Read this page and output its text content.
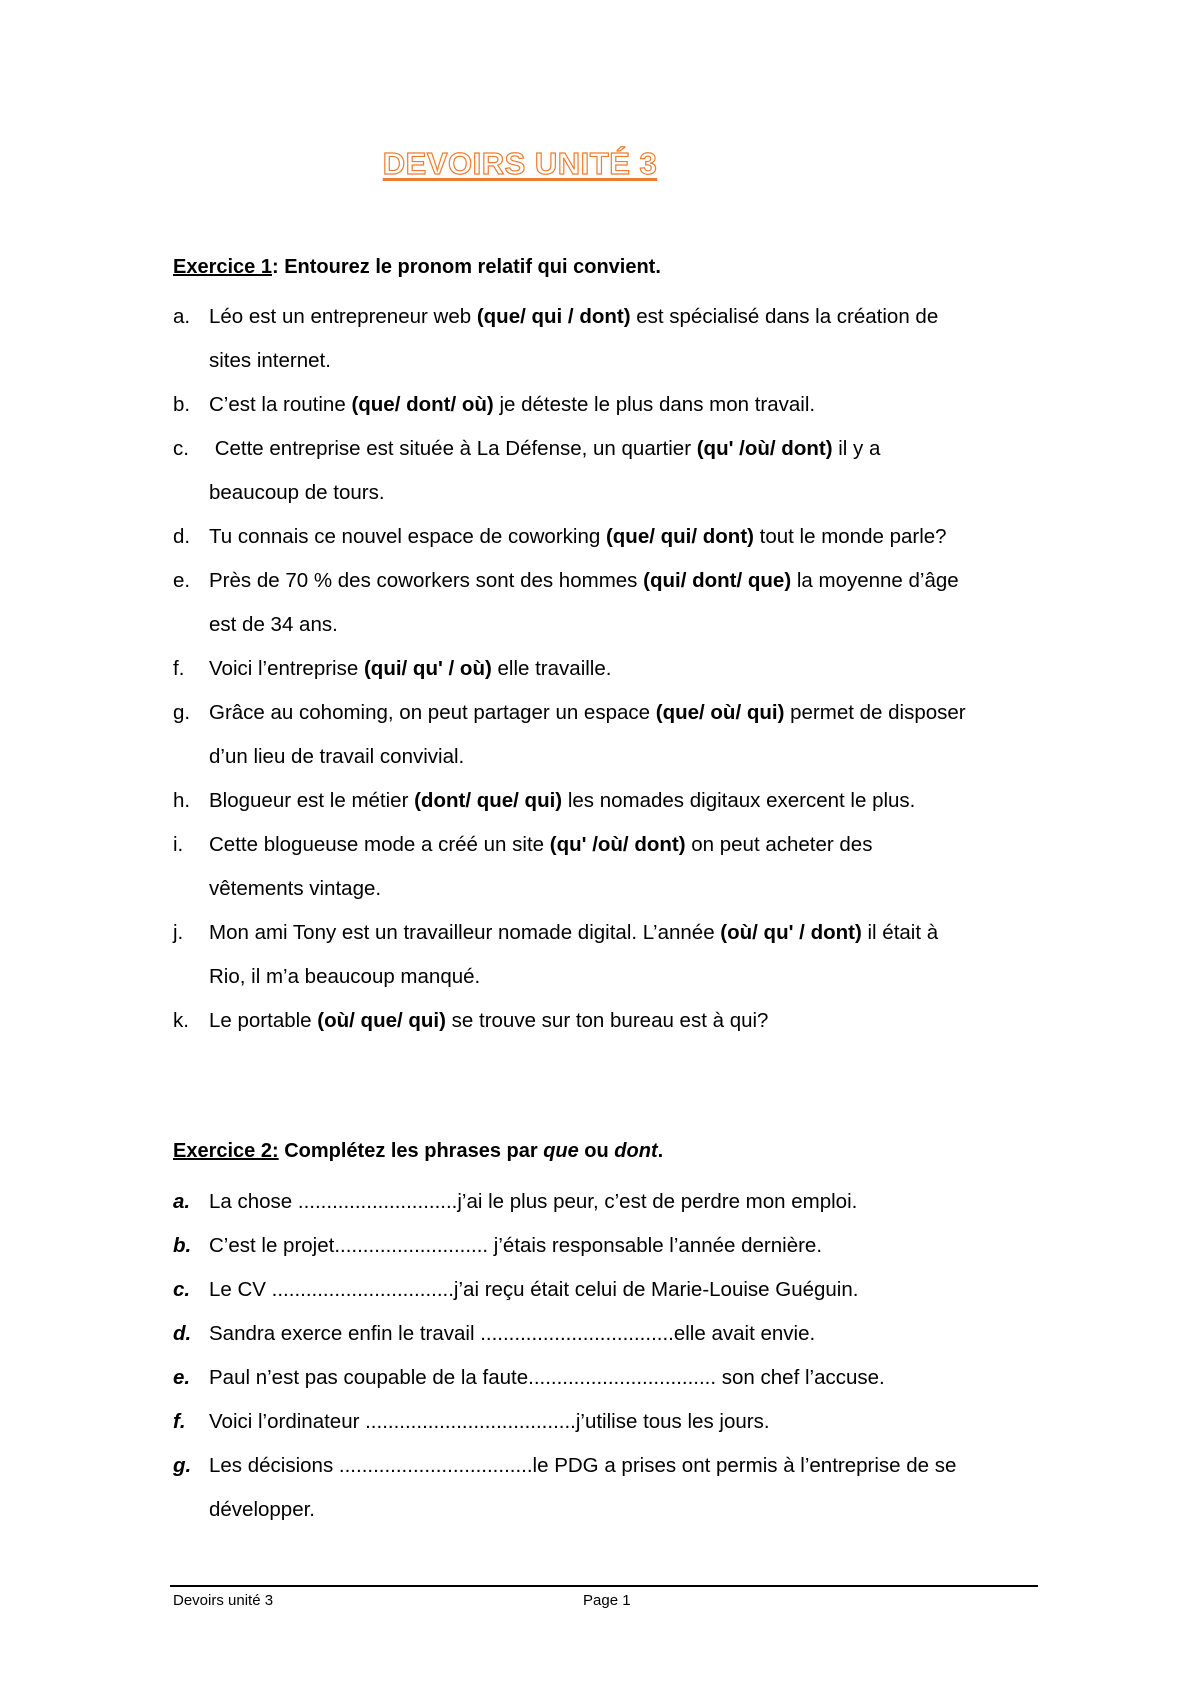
DEVOIRS UNITÉ 3
Exercice 1: Entourez le pronom relatif qui convient.
a. Léo est un entrepreneur web (que/ qui / dont) est spécialisé dans la création de
sites internet.
b. C’est la routine (que/ dont/ où) je déteste le plus dans mon travail.
c. Cette entreprise est située à La Défense, un quartier (qu' /où/ dont) il y a
beaucoup de tours.
d. Tu connais ce nouvel espace de coworking (que/ qui/ dont) tout le monde parle?
e. Près de 70 % des coworkers sont des hommes (qui/ dont/ que) la moyenne d’âge
est de 34 ans.
f.	Voici l’entreprise (qui/ qu' / où) elle travaille.
g. Grâce au cohoming, on peut partager un espace (que/ où/ qui) permet de disposer
d’un lieu de travail convivial.
h. Blogueur est le métier (dont/ que/ qui) les nomades digitaux exercent le plus.
i.	Cette blogueuse mode a créé un site (qu' /où/ dont) on peut acheter des
vêtements vintage.
j.	Mon ami Tony est un travailleur nomade digital. L’année (où/ qu' / dont) il était à
Rio, il m’a beaucoup manqué.
k. Le portable (où/ que/ qui) se trouve sur ton bureau est à qui?
Exercice 2: Complétez les phrases par que ou dont.
a. La chose ............................j’ai le plus peur, c’est de perdre mon emploi.
b. C’est le projet........................... j’étais responsable l’année dernière.
c. Le CV ................................j’ai reçu était celui de Marie-Louise Guéguin.
d. Sandra exerce enfin le travail ..................................elle avait envie.
e. Paul n’est pas coupable de la faute................................. son chef l’accuse.
f.	Voici l’ordinateur .....................................j’utilise tous les jours.
g. Les décisions ..................................le PDG a prises ont permis à l’entreprise de se
développer.
Devoirs unité 3	Page 1
